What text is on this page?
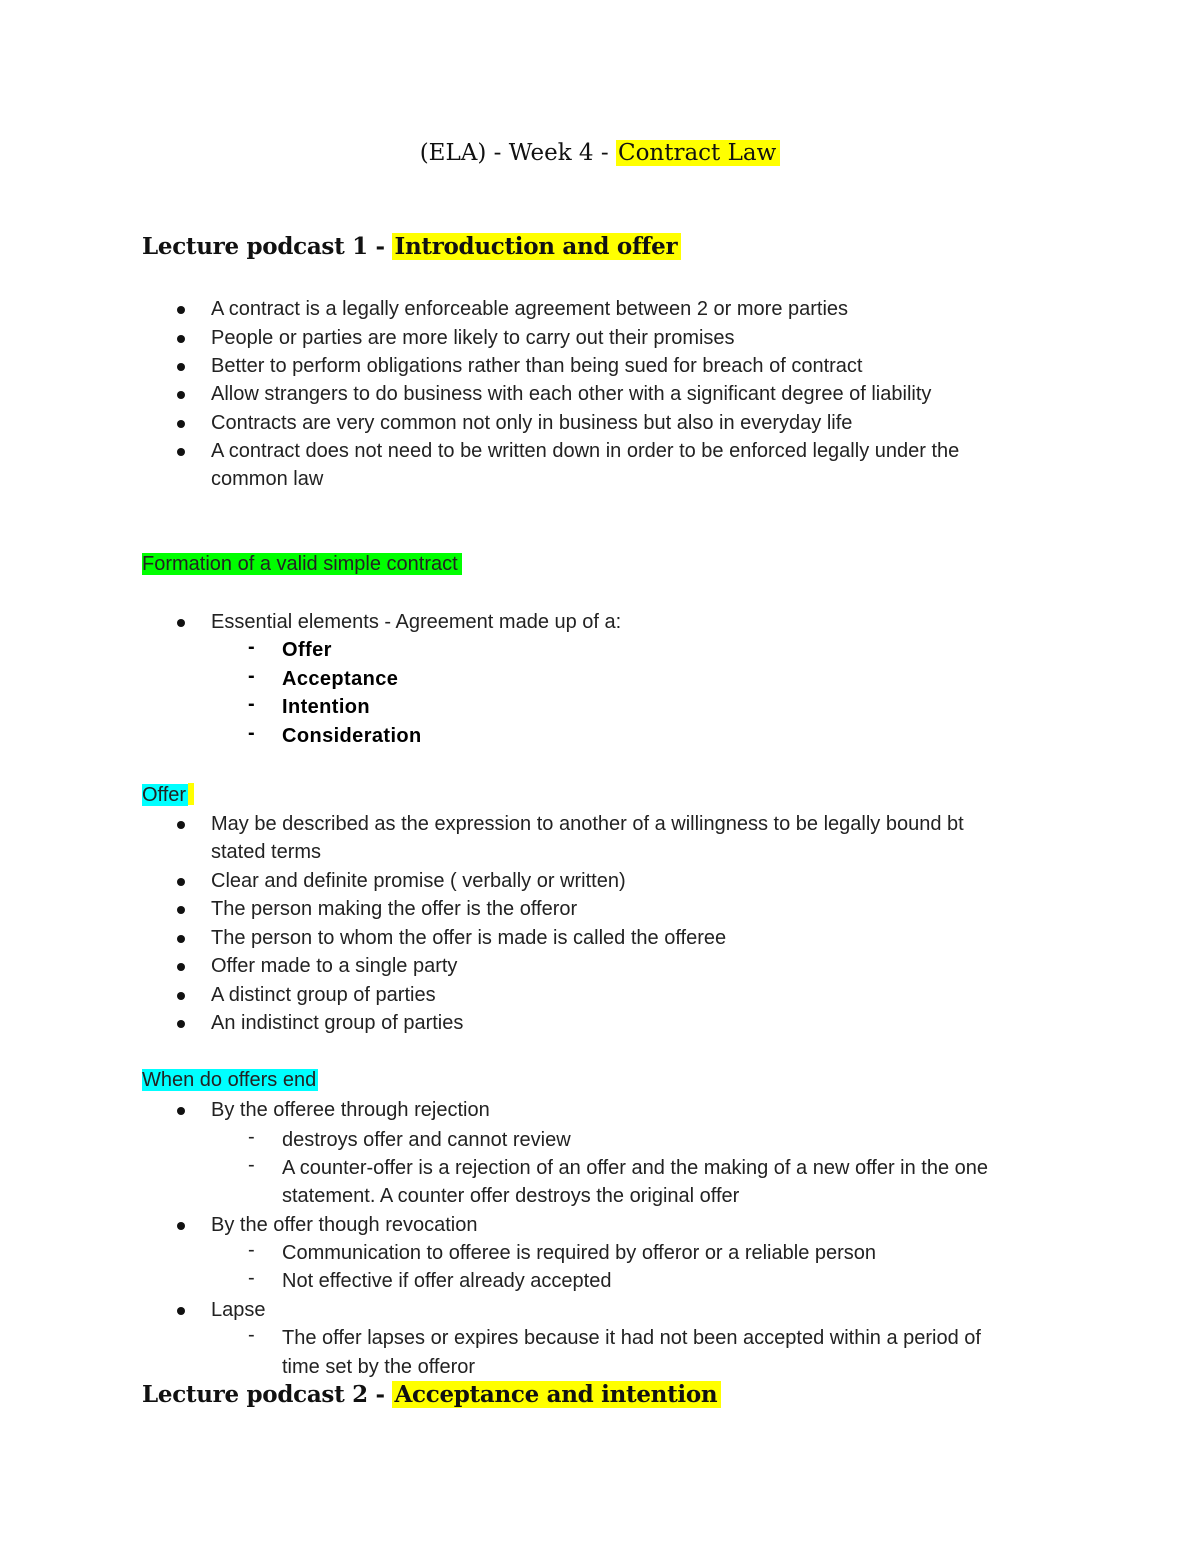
(ELA) - Week 4 - Contract Law
Lecture podcast 1 - Introduction and offer
A contract is a legally enforceable agreement between 2 or more parties
People or parties are more likely to carry out their promises
Better to perform obligations rather than being sued for breach of contract
Allow strangers to do business with each other with a significant degree of liability
Contracts are very common not only in business but also in everyday life
A contract does not need to be written down in order to be enforced legally under the
common law
Formation of a valid simple contract
Essential elements - Agreement made up of a:
- Offer
- Acceptance
- Intention
- Consideration
Offer
May be described as the expression to another of a willingness to be legally bound bt
stated terms
Clear and definite promise ( verbally or written)
The person making the offer is the offeror
The person to whom the offer is made is called the offeree
Offer made to a single party
A distinct group of parties
An indistinct group of parties
When do offers end
By the offeree through rejection
- destroys offer and cannot review
- A counter-offer is a rejection of an offer and the making of a new offer in the one
statement. A counter offer destroys the original offer
By the offer though revocation
- Communication to offeree is required by offeror or a reliable person
- Not effective if offer already accepted
Lapse
- The offer lapses or expires because it had not been accepted within a period of
time set by the offeror
Lecture podcast 2 - Acceptance and intention
